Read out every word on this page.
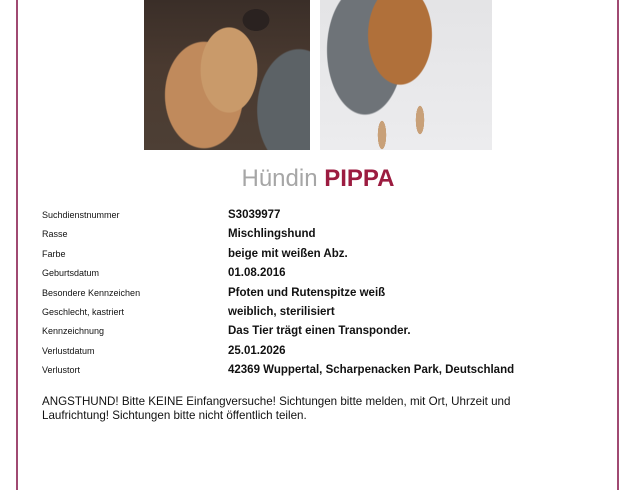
Hündin PIPPA
Suchdienstnummer	S3039977
Rasse	Mischlingshund
Farbe	beige mit weißen Abz.
Geburtsdatum	01.08.2016
Besondere Kennzeichen	Pfoten und Rutenspitze weiß
Geschlecht, kastriert	weiblich, sterilisiert
Kennzeichnung	Das Tier trägt einen Transponder.
Verlustdatum	25.01.2026
Verlustort	42369 Wuppertal, Scharpenacken Park, Deutschland
ANGSTHUND! Bitte KEINE Einfangversuche! Sichtungen bitte melden, mit Ort, Uhrzeit und Laufrichtung! Sichtungen bitte nicht öffentlich teilen.
